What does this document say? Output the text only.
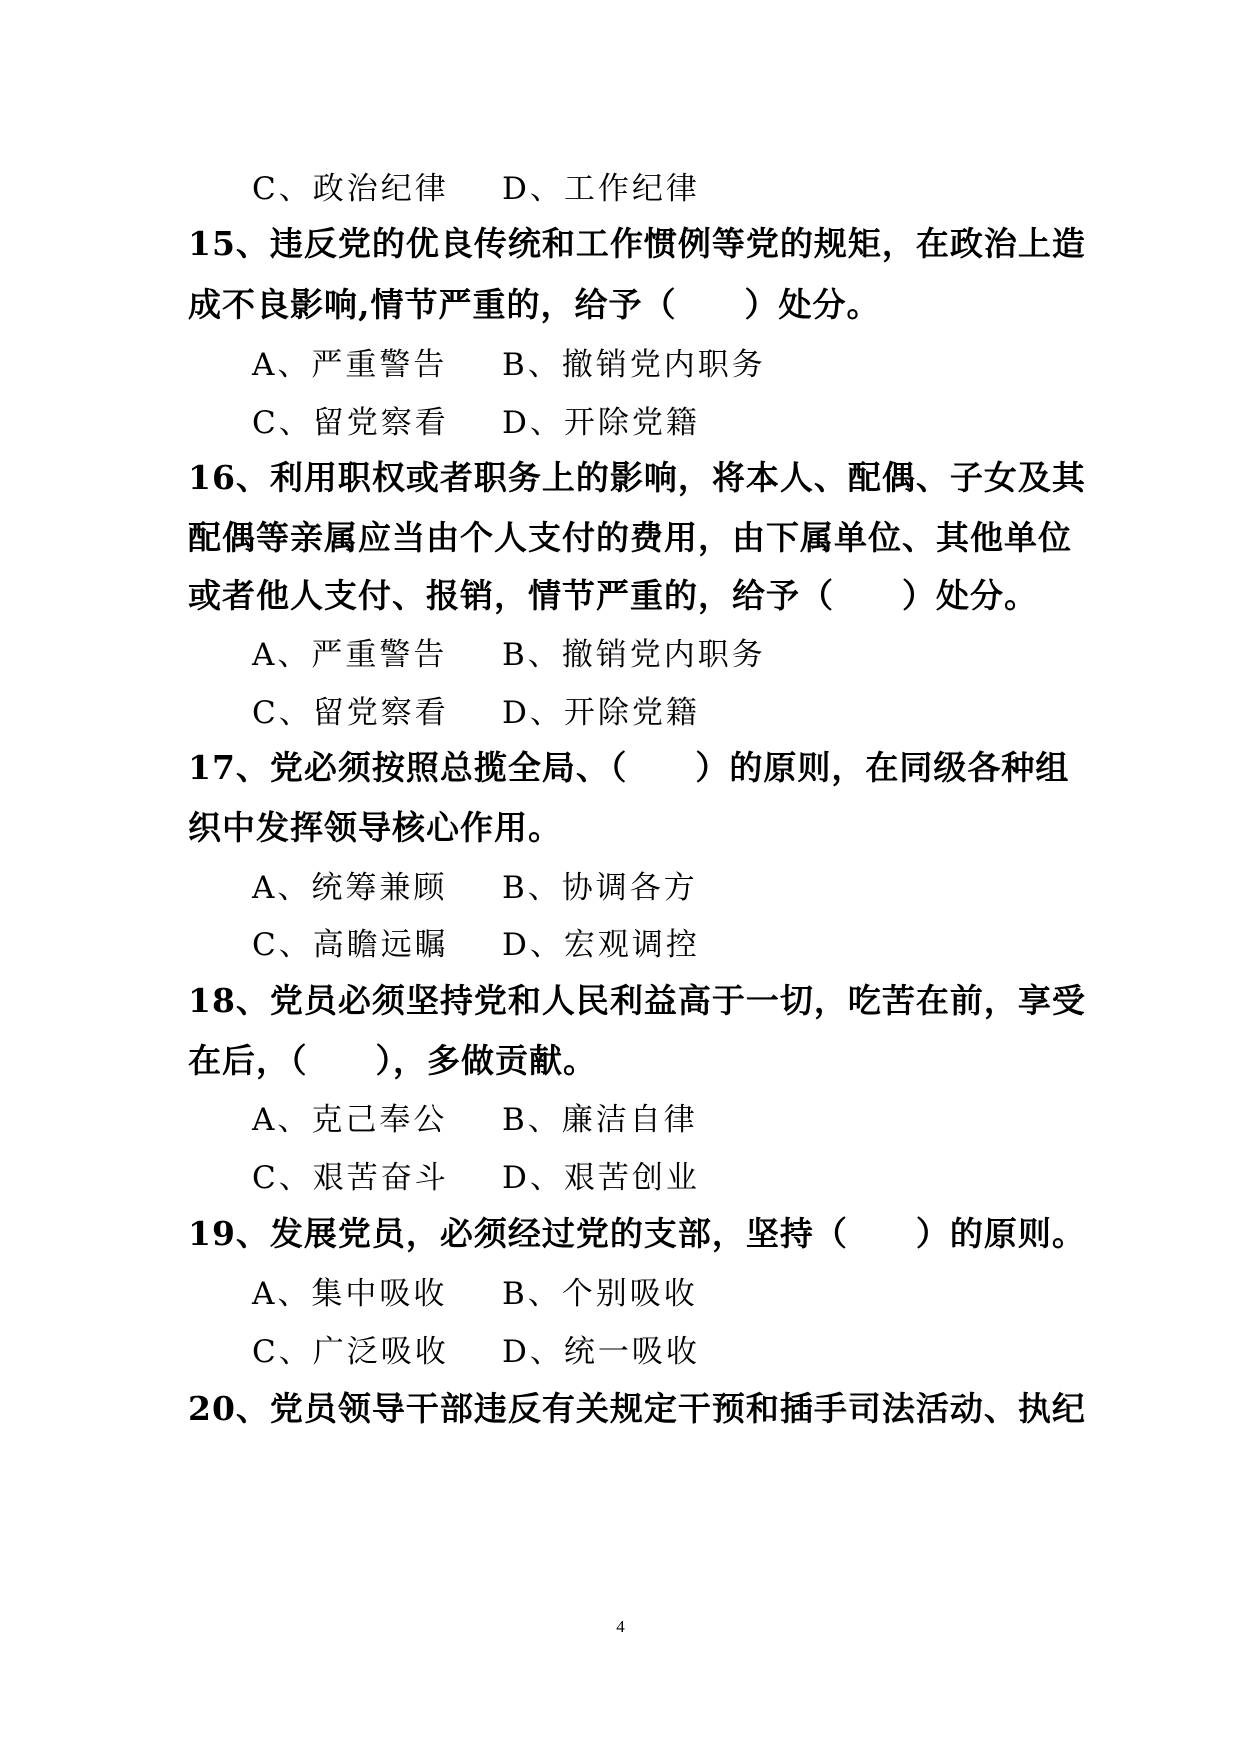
C、政治纪律 D、工作纪律
15、违反党的优良传统和工作惯例等党的规矩，在政治上造
成不良影响,情节严重的，给予（　　）处分。
A、严重警告 B、撤销党内职务
C、留党察看 D、开除党籍
16、利用职权或者职务上的影响，将本人、配偶、子女及其
配偶等亲属应当由个人支付的费用，由下属单位、其他单位
或者他人支付、报销，情节严重的，给予（　　）处分。
A、严重警告 B、撤销党内职务
C、留党察看 D、开除党籍
17、党必须按照总揽全局、（　　）的原则，在同级各种组
织中发挥领导核心作用。
A、统筹兼顾 B、协调各方
C、高瞻远瞩 D、宏观调控
18、党员必须坚持党和人民利益高于一切，吃苦在前，享受
在后，（　　），多做贡献。
A、克己奉公 B、廉洁自律
C、艰苦奋斗 D、艰苦创业
19、发展党员，必须经过党的支部，坚持（　　）的原则。
A、集中吸收 B、个别吸收
C、广泛吸收 D、统一吸收
20、党员领导干部违反有关规定干预和插手司法活动、执纪
4
